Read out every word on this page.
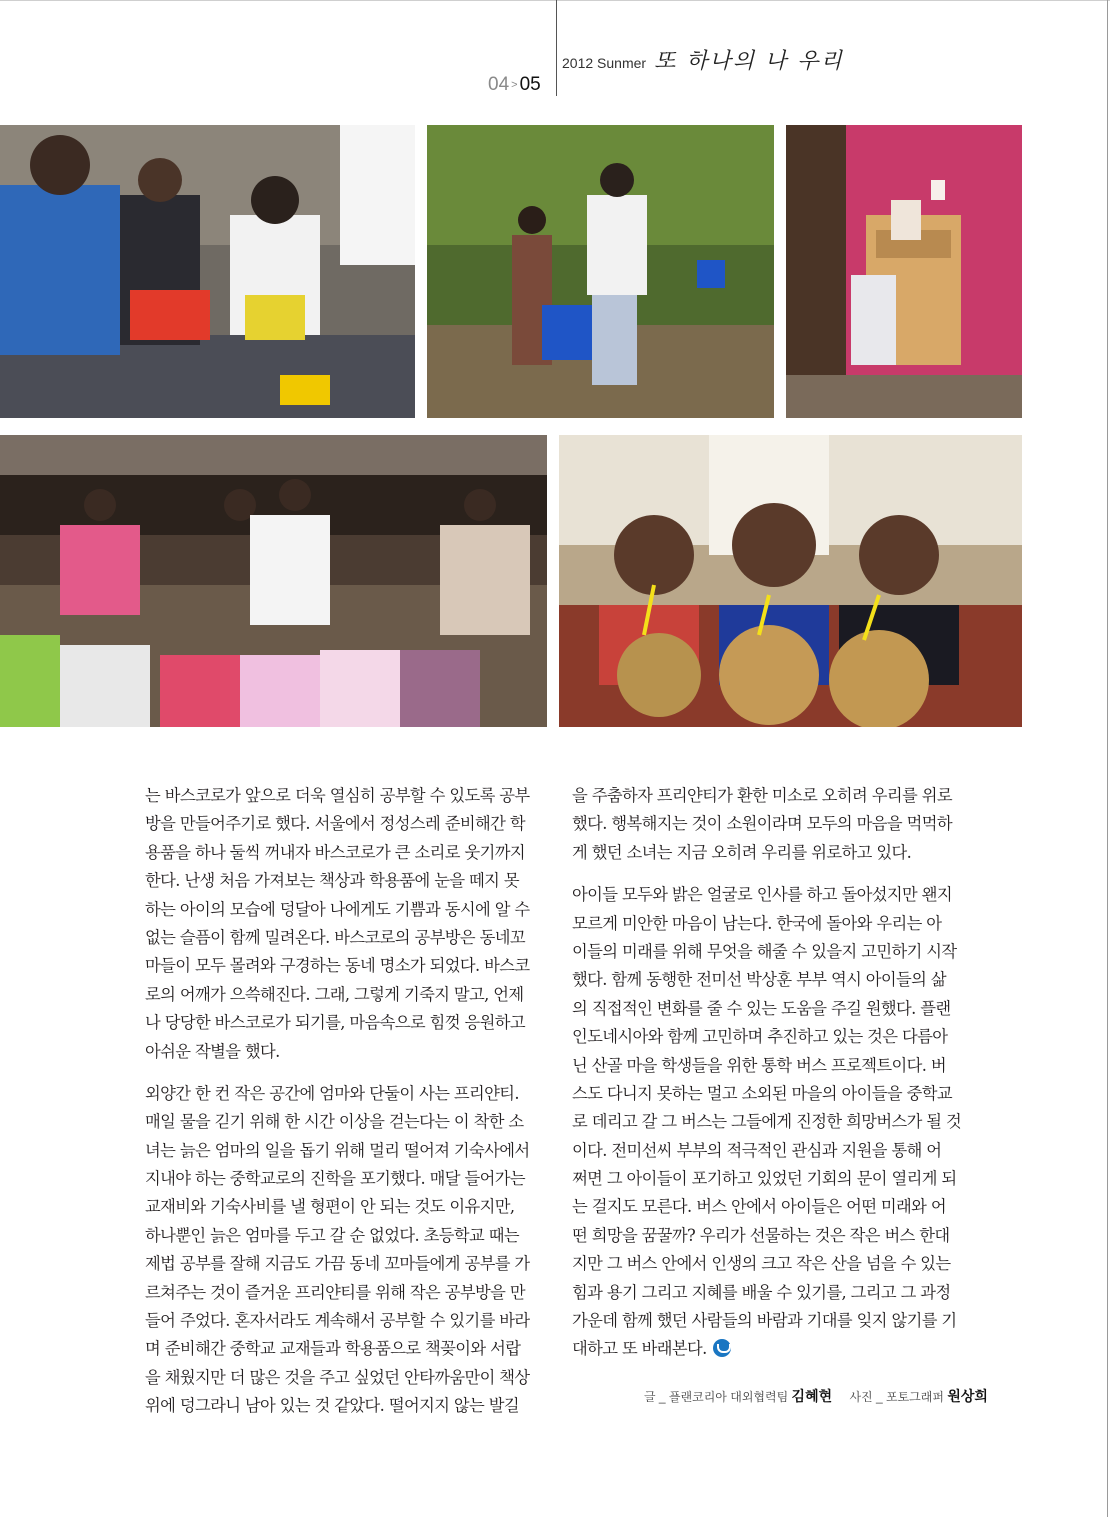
2012 Sunmer 또 하나의 나 우리
04 > 05
는 바스코로가 앞으로 더욱 열심히 공부할 수 있도록 공부
방을 만들어주기로 했다. 서울에서 정성스레 준비해간 학
용품을 하나 둘씩 꺼내자 바스코로가 큰 소리로 웃기까지
한다. 난생 처음 가져보는 책상과 학용품에 눈을 떼지 못
하는 아이의 모습에 덩달아 나에게도 기쁨과 동시에 알 수
없는 슬픔이 함께 밀려온다. 바스코로의 공부방은 동네꼬
마들이 모두 몰려와 구경하는 동네 명소가 되었다. 바스코
로의 어깨가 으쓱해진다. 그래, 그렇게 기죽지 말고, 언제
나 당당한 바스코로가 되기를, 마음속으로 힘껏 응원하고
아쉬운 작별을 했다.
외양간 한 컨 작은 공간에 엄마와 단둘이 사는 프리얀티.
매일 물을 긷기 위해 한 시간 이상을 걷는다는 이 착한 소
녀는 늙은 엄마의 일을 돕기 위해 멀리 떨어져 기숙사에서
지내야 하는 중학교로의 진학을 포기했다. 매달 들어가는
교재비와 기숙사비를 낼 형편이 안 되는 것도 이유지만,
하나뿐인 늙은 엄마를 두고 갈 순 없었다. 초등학교 때는
제법 공부를 잘해 지금도 가끔 동네 꼬마들에게 공부를 가
르쳐주는 것이 즐거운 프리얀티를 위해 작은 공부방을 만
들어 주었다. 혼자서라도 계속해서 공부할 수 있기를 바라
며 준비해간 중학교 교재들과 학용품으로 책꽂이와 서랍
을 채웠지만 더 많은 것을 주고 싶었던 안타까움만이 책상
위에 덩그라니 남아 있는 것 같았다. 떨어지지 않는 발길
을 주춤하자 프리얀티가 환한 미소로 오히려 우리를 위로
했다. 행복해지는 것이 소원이라며 모두의 마음을 먹먹하
게 했던 소녀는 지금 오히려 우리를 위로하고 있다.
아이들 모두와 밝은 얼굴로 인사를 하고 돌아섰지만 왠지
모르게 미안한 마음이 남는다. 한국에 돌아와 우리는 아
이들의 미래를 위해 무엇을 해줄 수 있을지 고민하기 시작
했다. 함께 동행한 전미선 박상훈 부부 역시 아이들의 삶
의 직접적인 변화를 줄 수 있는 도움을 주길 원했다. 플랜
인도네시아와 함께 고민하며 추진하고 있는 것은 다름아
닌 산골 마을 학생들을 위한 통학 버스 프로젝트이다. 버
스도 다니지 못하는 멀고 소외된 마을의 아이들을 중학교
로 데리고 갈 그 버스는 그들에게 진정한 희망버스가 될 것
이다. 전미선씨 부부의 적극적인 관심과 지원을 통해 어
쩌면 그 아이들이 포기하고 있었던 기회의 문이 열리게 되
는 걸지도 모른다. 버스 안에서 아이들은 어떤 미래와 어
떤 희망을 꿈꿀까? 우리가 선물하는 것은 작은 버스 한대
지만 그 버스 안에서 인생의 크고 작은 산을 넘을 수 있는
힘과 용기 그리고 지혜를 배울 수 있기를, 그리고 그 과정
가운데 함께 했던 사람들의 바람과 기대를 잊지 않기를 기
대하고 또 바래본다.
글 _ 플랜코리아 대외협력팀 김혜현 사진 _ 포토그래퍼 원상희
